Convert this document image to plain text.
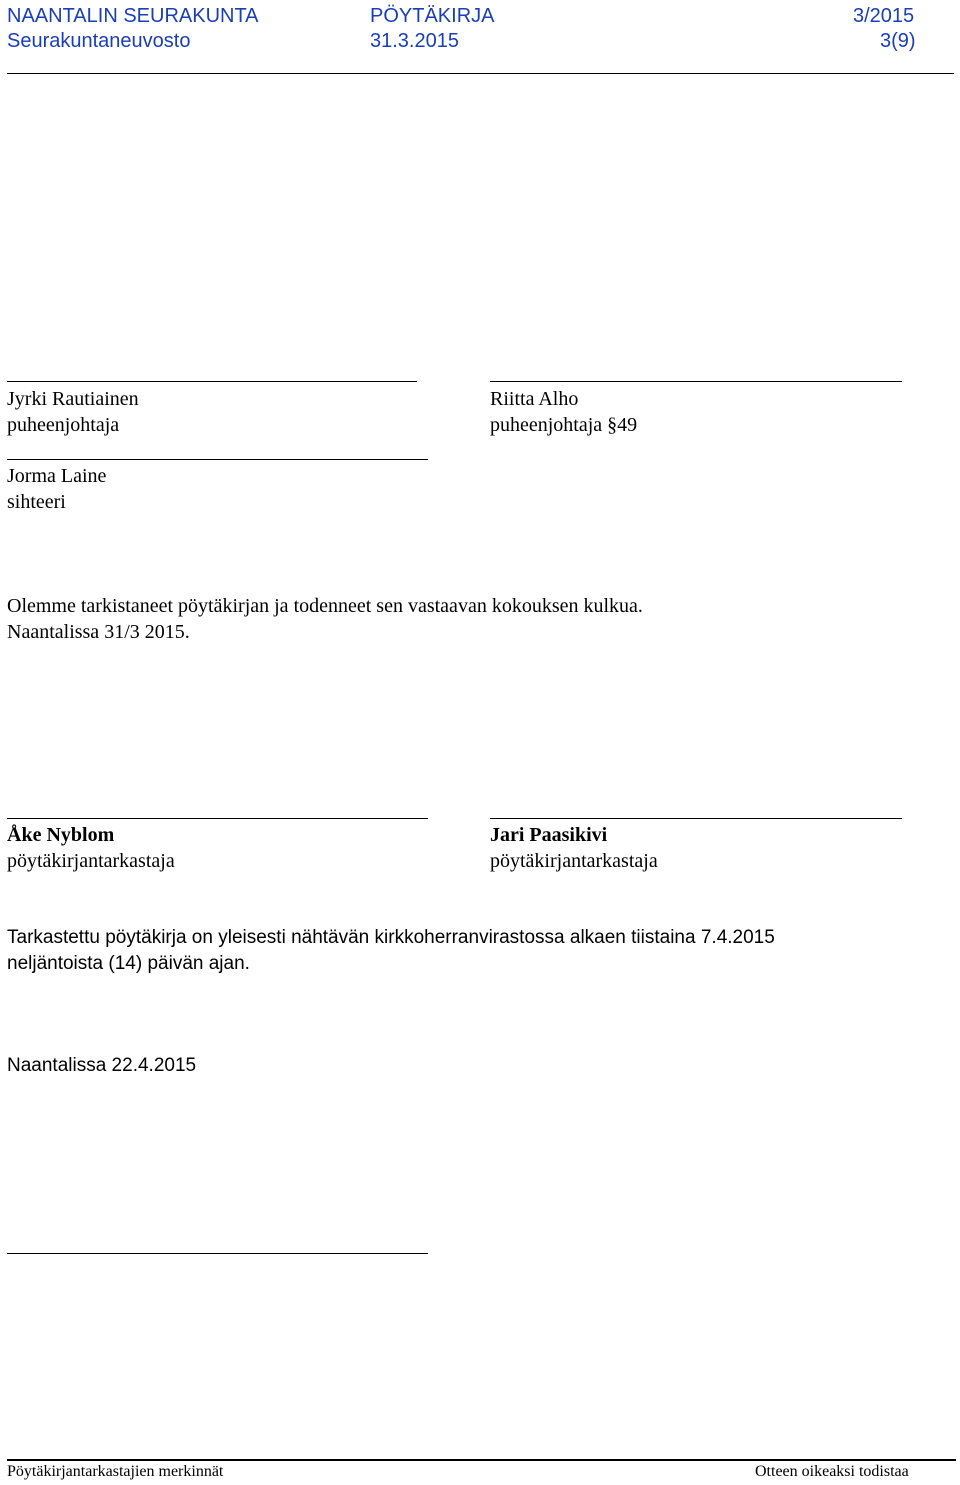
NAANTALIN SEURAKUNTA	PÖYTÄKIRJA	3/2015
Seurakuntaneuvosto	31.3.2015	3(9)
Jyrki Rautiainen
puheenjohtaja
Riitta Alho
puheenjohtaja §49
Jorma Laine
sihteeri
Olemme tarkistaneet pöytäkirjan ja todenneet sen vastaavan kokouksen kulkua.
Naantalissa 31/3 2015.
Åke Nyblom
pöytäkirjantarkastaja
Jari Paasikivi
pöytäkirjantarkastaja
Tarkastettu pöytäkirja on yleisesti nähtävän kirkkoherranvirastossa alkaen tiistaina 7.4.2015
neljäntoista (14) päivän ajan.
Naantalissa 22.4.2015
Pöytäkirjantarkastajien merkinnät	Otteen oikeaksi todistaa
